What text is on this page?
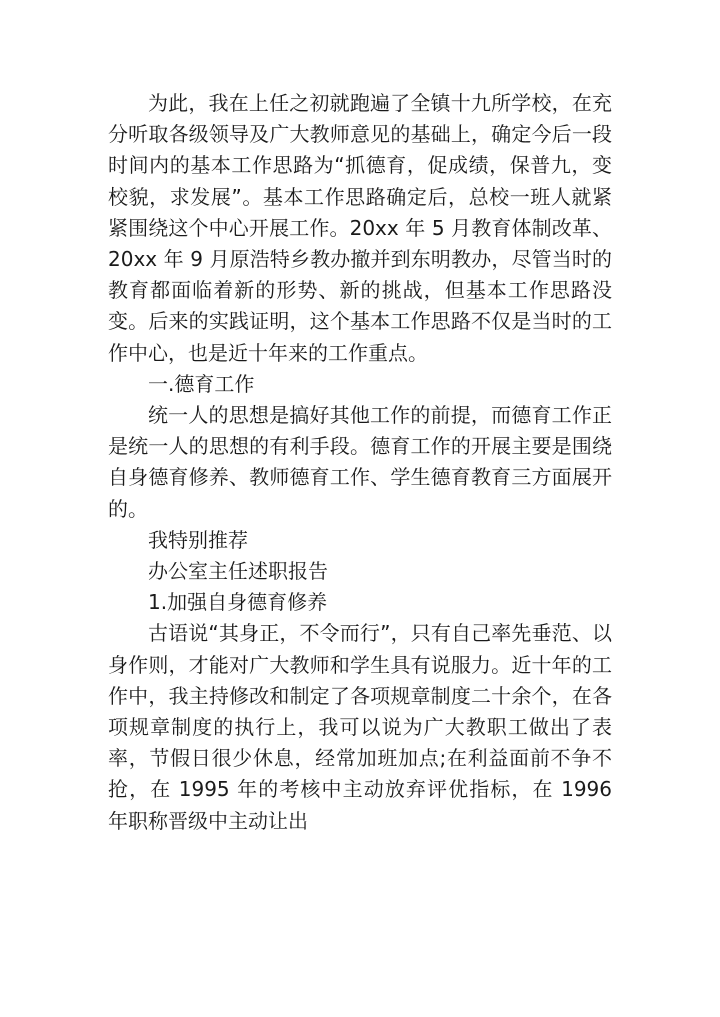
为此，我在上任之初就跑遍了全镇十九所学校，在充分听取各级领导及广大教师意见的基础上，确定今后一段时间内的基本工作思路为“抓德育，促成绩，保普九，变校貌，求发展”。基本工作思路确定后，总校一班人就紧紧围绕这个中心开展工作。20xx 年 5 月教育体制改革、20xx 年 9 月原浩特乡教办撤并到东明教办，尽管当时的教育都面临着新的形势、新的挑战，但基本工作思路没变。后来的实践证明，这个基本工作思路不仅是当时的工作中心，也是近十年来的工作重点。

一.德育工作

统一人的思想是搞好其他工作的前提，而德育工作正是统一人的思想的有利手段。德育工作的开展主要是围绕自身德育修养、教师德育工作、学生德育教育三方面展开的。

我特别推荐

办公室主任述职报告

1.加强自身德育修养

古语说“其身正，不令而行”，只有自己率先垂范、以身作则，才能对广大教师和学生具有说服力。近十年的工作中，我主持修改和制定了各项规章制度二十余个，在各项规章制度的执行上，我可以说为广大教职工做出了表率，节假日很少休息，经常加班加点;在利益面前不争不抢，在 1995 年的考核中主动放弃评优指标，在 1996 年职称晋级中主动让出
